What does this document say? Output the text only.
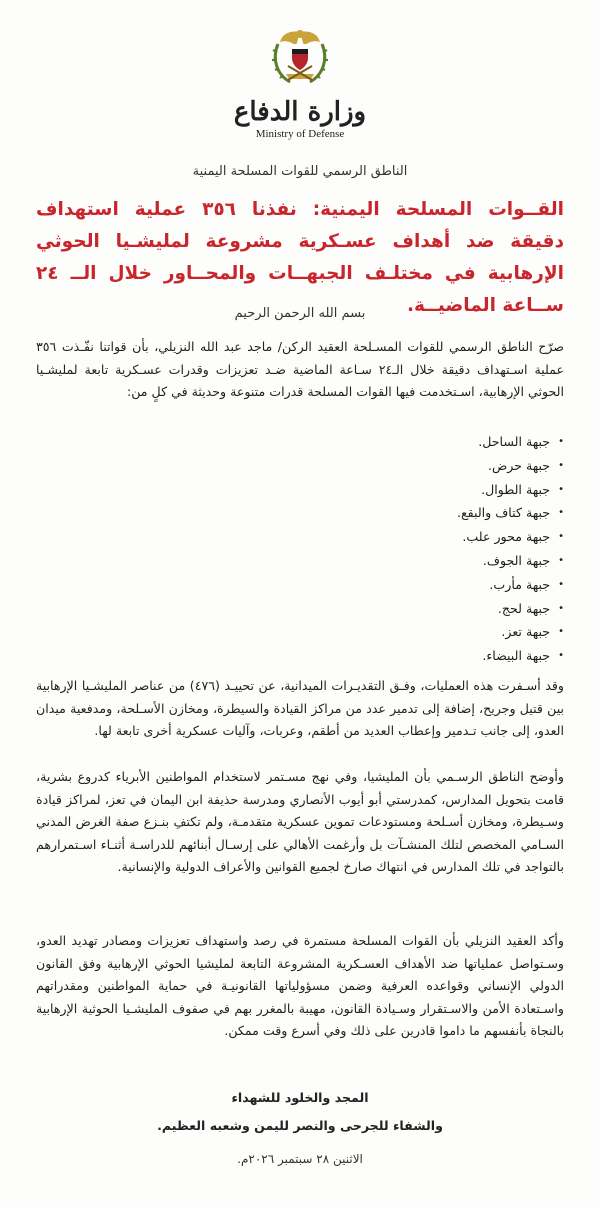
وزارة الدفاع
Ministry of Defense
الناطق الرسمي للقوات المسلحة اليمنية
القــوات المسلحة اليمنية: نفذنا ٣٥٦ عملية استهداف دقيقة ضد أهداف عسـكرية مشروعة لمليشـيا الحوثي الإرهابية في مختلـف الجبهــات والمحــاور خلال الــ ٢٤ ســاعة الماضيــة.
بسم الله الرحمن الرحيم
صرّح الناطق الرسمي للقوات المسـلحة العقيد الركن/ ماجد عبد الله النزيلي، بأن قواتنا نفّـذت ٣٥٦ عملية اسـتهداف دقيقة خلال الـ٢٤ سـاعة الماضية ضـد تعزيزات وقدرات عسـكرية تابعة لمليشـيا الحوثي الإرهابية، اسـتخدمت فيها القوات المسلحة قدرات متنوعة وحديثة في كلٍ من:
•
جبهة الساحل.
•
جبهة حرض.
•
جبهة الطوال.
•
جبهة كتاف والبقع.
•
جبهة محور علب.
•
جبهة الجوف.
•
جبهة مأرب.
•
جبهة لحج.
•
جبهة تعز.
•
جبهة البيضاء.
وقد أسـفرت هذه العمليات، وفـق التقديـرات الميدانية، عن تحييـد (٤٧٦) من عناصر المليشـيا الإرهابية بين قتيل وجريح، إضافة إلى تدمير عدد من مراكز القيادة والسيطرة، ومخازن الأسـلحة، ومدفعية ميدان العدو، إلى جانب تـدمير وإعطاب العديد من أطقم، وعربات، وآليات عسكرية أخرى تابعة لها.
وأوضح الناطق الرسـمي بأن المليشيا، وفي نهج مسـتمر لاستخدام المواطنين الأبرياء كدروع بشرية، قامت بتحويل المدارس، كمدرستي أبو أيوب الأنصاري ومدرسة حذيفة ابن اليمان في تعز، لمراكز قيادة وسـيطرة، ومخازن أسـلحة ومستودعات تموين عسكرية متقدمـة، ولم تكتفِ بنـزع صفة الغرض المدني السـامي المخصص لتلك المنشـآت بل وأرغمت الأهالي على إرسـال أبنائهم للدراسـة أثنـاء اسـتمرارهم بالتواجد في تلك المدارس في انتهاك صارخ لجميع القوانين والأعراف الدولية والإنسانية.
وأكد العقيد النزيلي بأن القوات المسلحة مستمرة في رصد واستهداف تعزيزات ومصادر تهديد العدو، وسـتواصل عملياتها ضد الأهداف العسـكرية المشروعة التابعة لمليشيا الحوثي الإرهابية وفق القانون الدولي الإنساني وقواعده العرفية وضمن مسؤولياتها القانونيـة في حماية المواطنين ومقدراتهم واسـتعادة الأمن والاسـتقرار وسـيادة القانون، مهيبة بالمغرر بهم في صفوف المليشـيا الحوثية الإرهابية بالنجاة بأنفسهم ما داموا قادرين على ذلك وفي أسرع وقت ممكن.
المجد والخلود للشهداء
والشفاء للجرحى والنصر لليمن وشعبه العظيم.
الاثنين ٢٨ سبتمبر ٢٠٢٦م.
